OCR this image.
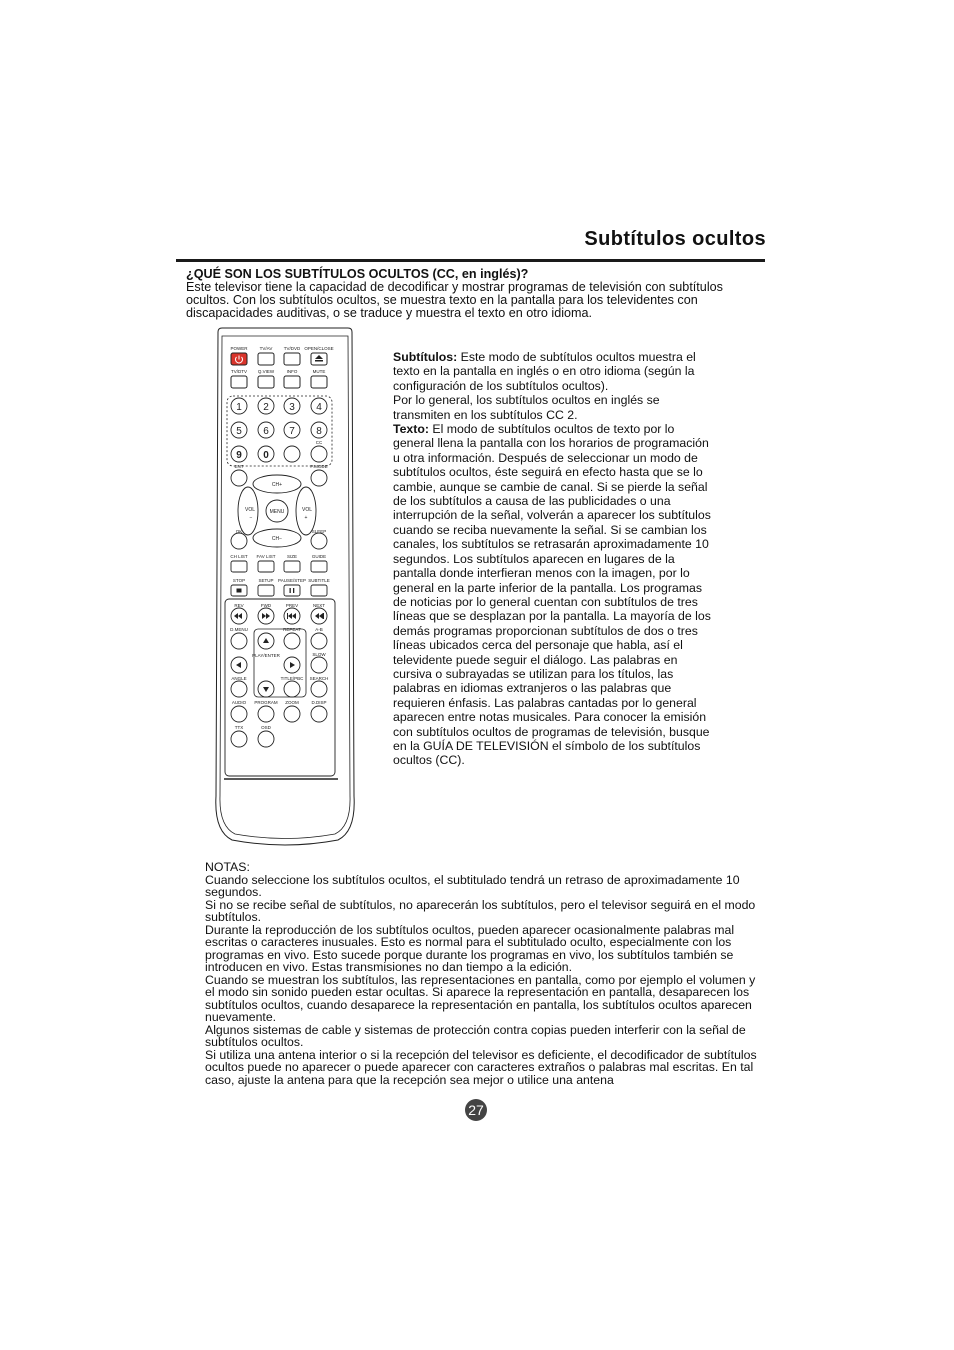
Subtítulos ocultos
¿QUÉ SON LOS SUBTÍTULOS OCULTOS (CC, en inglés)?
Este televisor tiene la capacidad de decodificar y mostrar programas de televisión con subtítulos
ocultos. Con los subtítulos ocultos, se muestra texto en la pantalla para los televidentes con
discapacidades auditivas, o se traduce y muestra el texto en otro idioma.
POWER	TV/AV	TV/DVD OPEN/CLOSE
TV/DTV Q.VIEW	INFO	MUTE
1 2 3 4
5 6 7 8
9 0
CC
ENT	P.MODE
CH+
CH−
VOL
−
VOL
+
MENU
OK	SLEEP
CH LIST FAV LIST	SIZE	GUIDE
STOP	SETUP PAUSE/STEP SUBTITLE
REV	FWD	PREV	NEXT
D.MENU	REPEAT	A-B
PLAY/ENTER	SLOW
ANGLE	TITLE/PBC SEARCH
AUDIO PROGRAM ZOOM	D.DISP
TTX	OSD
Subtítulos: Este modo de subtítulos ocultos muestra el
texto en la pantalla en inglés o en otro idioma (según la
configuración de los subtítulos ocultos).
Por lo general, los subtítulos ocultos en inglés se
transmiten en los subtítulos CC 2.
Texto: El modo de subtítulos ocultos de texto por lo
general llena la pantalla con los horarios de programación
u otra información. Después de seleccionar un modo de
subtítulos ocultos, éste seguirá en efecto hasta que se lo
cambie, aunque se cambie de canal. Si se pierde la señal
de los subtítulos a causa de las publicidades o una
interrupción de la señal, volverán a aparecer los subtítulos
cuando se reciba nuevamente la señal. Si se cambian los
canales, los subtítulos se retrasarán aproximadamente 10
segundos. Los subtítulos aparecen en lugares de la
pantalla donde interfieran menos con la imagen, por lo
general en la parte inferior de la pantalla. Los programas
de noticias por lo general cuentan con subtítulos de tres
líneas que se desplazan por la pantalla. La mayoría de los
demás programas proporcionan subtítulos de dos o tres
líneas ubicados cerca del personaje que habla, así el
televidente puede seguir el diálogo. Las palabras en
cursiva o subrayadas se utilizan para los títulos, las
palabras en idiomas extranjeros o las palabras que
requieren énfasis. Las palabras cantadas por lo general
aparecen entre notas musicales. Para conocer la emisión
con subtítulos ocultos de programas de televisión, busque
en la GUÍA DE TELEVISIÓN el símbolo de los subtítulos
ocultos (CC).

NOTAS:

Cuando seleccione los subtítulos ocultos, el subtitulado tendrá un retraso de aproximadamente 10

segundos.

Si no se recibe señal de subtítulos, no aparecerán los subtítulos, pero el televisor seguirá en el modo

subtítulos.

Durante la reproducción de los subtítulos ocultos, pueden aparecer ocasionalmente palabras mal

escritas o caracteres inusuales. Esto es normal para el subtitulado oculto, especialmente con los

programas en vivo. Esto sucede porque durante los programas en vivo, los subtítulos también se

introducen en vivo. Estas transmisiones no dan tiempo a la edición.

Cuando se muestran los subtítulos, las representaciones en pantalla, como por ejemplo el volumen y

el modo sin sonido pueden estar ocultas. Si aparece la representación en pantalla, desaparecen los

subtítulos ocultos, cuando desaparece la representación en pantalla, los subtítulos ocultos aparecen

nuevamente.

Algunos sistemas de cable y sistemas de protección contra copias pueden interferir con la señal de

subtítulos ocultos.

Si utiliza una antena interior o si la recepción del televisor es deficiente, el decodificador de subtítulos

ocultos puede no aparecer o puede aparecer con caracteres extraños o palabras mal escritas. En tal

caso, ajuste la antena para que la recepción sea mejor o utilice una antena

27
